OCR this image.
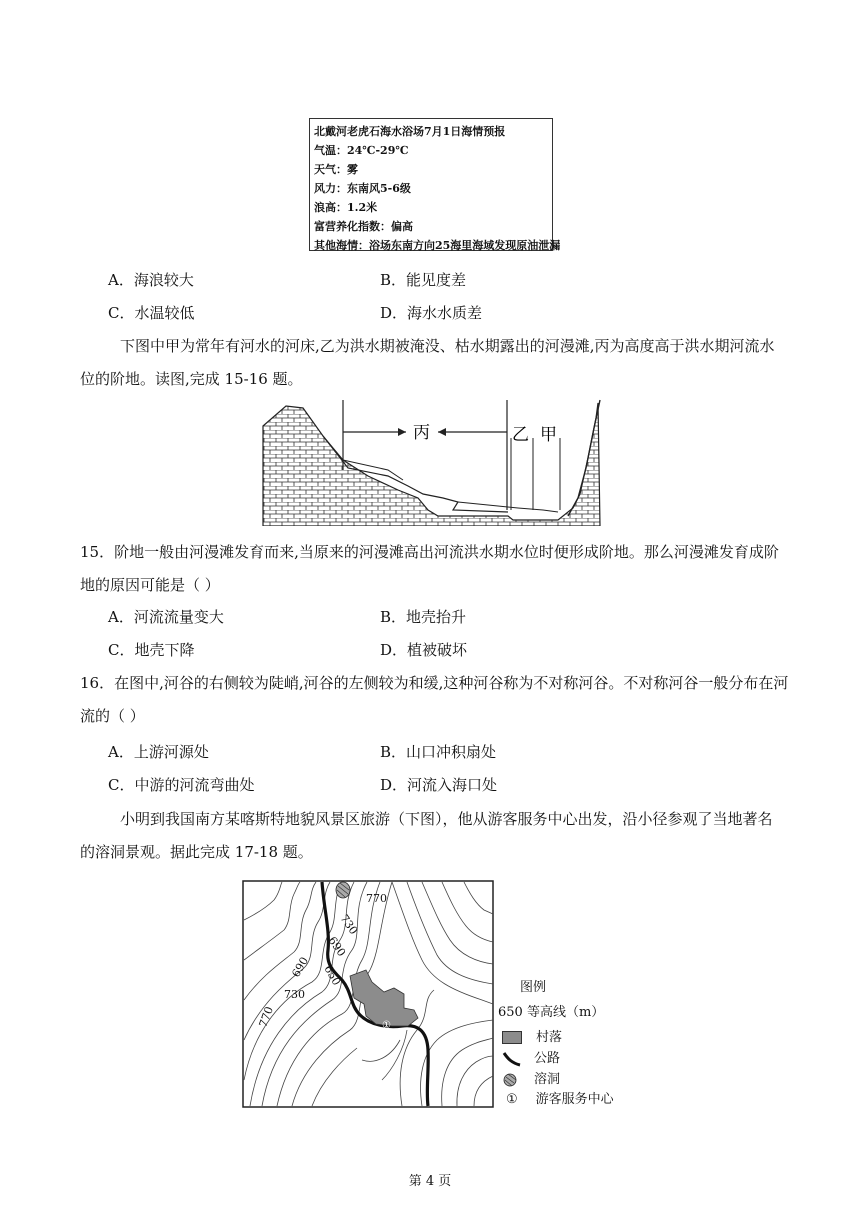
北戴河老虎石海水浴场7月1日海情预报
气温：24℃-29℃
天气：雾
风力：东南风5-6级
浪高：1.2米
富营养化指数：偏高
其他海情：浴场东南方向25海里海域发现原油泄漏
A．海浪较大	B．能见度差
C．水温较低	D．海水水质差
下图中甲为常年有河水的河床,乙为洪水期被淹没、枯水期露出的河漫滩,丙为高度高于洪水期河流水
位的阶地。读图,完成 15-16 题。
丙	乙 甲
15．阶地一般由河漫滩发育而来,当原来的河漫滩高出河流洪水期水位时便形成阶地。那么河漫滩发育成阶
地的原因可能是（ ）
A．河流流量变大	B．地壳抬升
C．地壳下降	D．植被破坏
16．在图中,河谷的右侧较为陡峭,河谷的左侧较为和缓,这种河谷称为不对称河谷。不对称河谷一般分布在河
流的（ ）
A．上游河源处	B．山口冲积扇处
C．中游的河流弯曲处	D．河流入海口处
小明到我国南方某喀斯特地貌风景区旅游（下图），他从游客服务中心出发，沿小径参观了当地著名
的溶洞景观。据此完成 17-18 题。
①
770
730
690
650
690
730
770
图例
650 等高线（m）
村落
公路
溶洞
① 游客服务中心
第 4 页
